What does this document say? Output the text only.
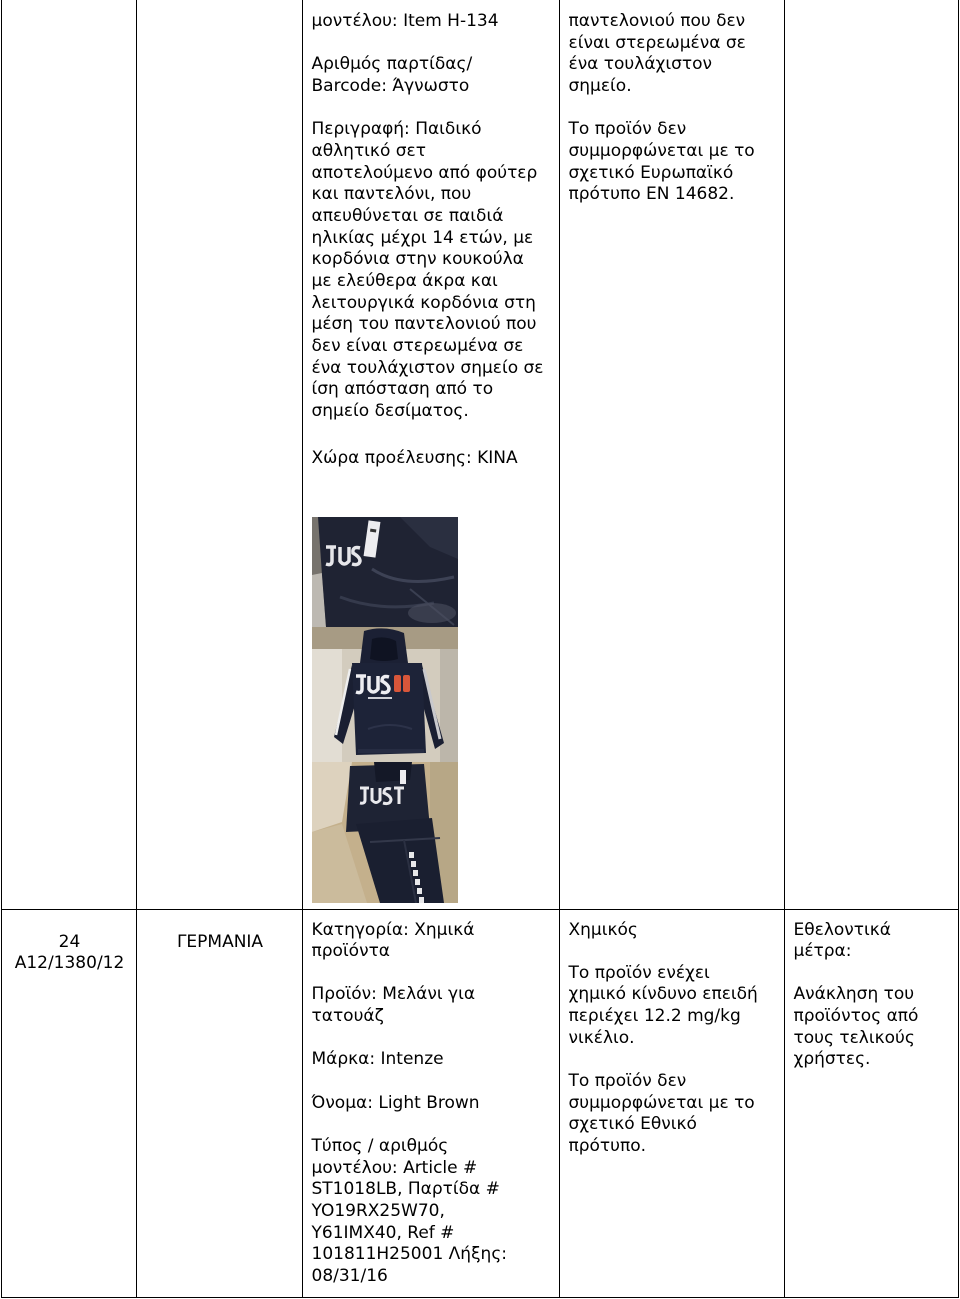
μοντέλου: Item H-134
Αριθμός παρτίδας/
Barcode: Άγνωστο
Περιγραφή: Παιδικό
αθλητικό σετ
αποτελούμενο από φούτερ
και παντελόνι, που
απευθύνεται σε παιδιά
ηλικίας μέχρι 14 ετών, με
κορδόνια στην κουκούλα
με ελεύθερα άκρα και
λειτουργικά κορδόνια στη
μέση του παντελονιού που
δεν είναι στερεωμένα σε
ένα τουλάχιστον σημείο σε
ίση απόσταση από το
σημείο δεσίματος.
Χώρα προέλευσης: ΚΙΝΑ
παντελονιού που δεν
είναι στερεωμένα σε
ένα τουλάχιστον
σημείο.
Το προϊόν δεν
συμμορφώνεται με το
σχετικό Ευρωπαϊκό
πρότυπο ΕΝ 14682.
24
A12/1380/12
ΓΕΡΜΑΝΙΑ
Κατηγορία: Χημικά
προϊόντα
Προϊόν: Μελάνι για
τατουάζ
Μάρκα: Intenze
Όνομα: Light Brown
Τύπος / αριθμός
μοντέλου: Article #
ST1018LB, Παρτίδα #
YO19RX25W70,
Y61IMX40, Ref #
101811H25001 Λήξης:
08/31/16
Χημικός
Το προϊόν ενέχει
χημικό κίνδυνο επειδή
περιέχει 12.2 mg/kg
νικέλιο.
Το προϊόν δεν
συμμορφώνεται με το
σχετικό Εθνικό
πρότυπο.
Εθελοντικά
μέτρα:
Ανάκληση του
προϊόντος από
τους τελικούς
χρήστες.
